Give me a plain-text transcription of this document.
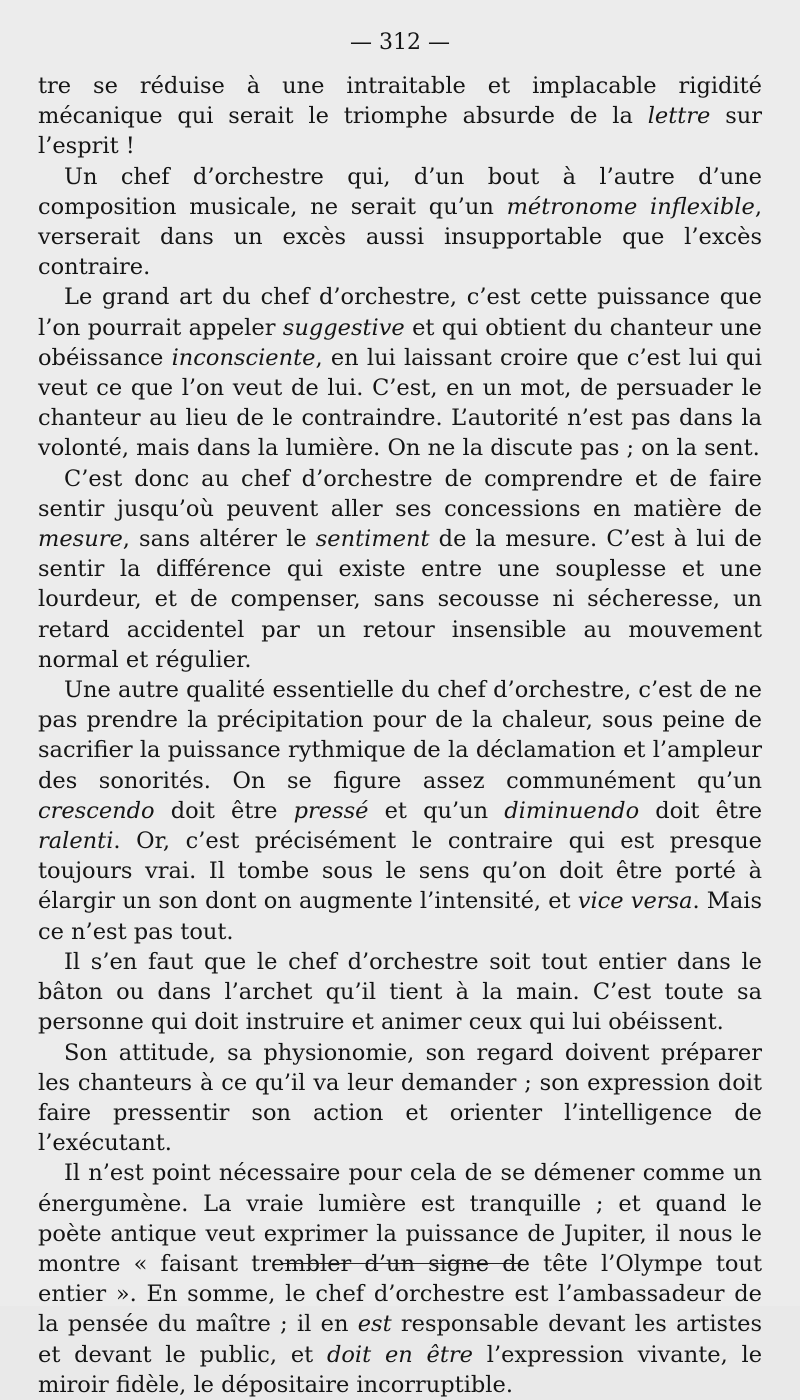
— 312 —

tre se réduise à une intraitable et implacable rigidité mécanique qui serait le triomphe absurde de la lettre sur l’esprit !

Un chef d’orchestre qui, d’un bout à l’autre d’une composition musicale, ne serait qu’un métronome inflexible, verserait dans un excès aussi insupportable que l’excès contraire.

Le grand art du chef d’orchestre, c’est cette puissance que l’on pourrait appeler suggestive et qui obtient du chanteur une obéissance inconsciente, en lui laissant croire que c’est lui qui veut ce que l’on veut de lui. C’est, en un mot, de persuader le chanteur au lieu de le contraindre. L’autorité n’est pas dans la volonté, mais dans la lumière. On ne la discute pas ; on la sent.

C’est donc au chef d’orchestre de comprendre et de faire sentir jusqu’où peuvent aller ses concessions en matière de mesure, sans altérer le sentiment de la mesure. C’est à lui de sentir la différence qui existe entre une souplesse et une lourdeur, et de compenser, sans secousse ni sécheresse, un retard accidentel par un retour insensible au mouvement normal et régulier.

Une autre qualité essentielle du chef d’orchestre, c’est de ne pas prendre la précipitation pour de la chaleur, sous peine de sacrifier la puissance rythmique de la déclamation et l’ampleur des sonorités. On se figure assez communément qu’un crescendo doit être pressé et qu’un diminuendo doit être ralenti. Or, c’est précisément le contraire qui est presque toujours vrai. Il tombe sous le sens qu’on doit être porté à élargir un son dont on augmente l’intensité, et vice versa. Mais ce n’est pas tout.

Il s’en faut que le chef d’orchestre soit tout entier dans le bâton ou dans l’archet qu’il tient à la main. C’est toute sa personne qui doit instruire et animer ceux qui lui obéissent.

Son attitude, sa physionomie, son regard doivent préparer les chanteurs à ce qu’il va leur demander ; son expression doit faire pressentir son action et orienter l’intelligence de l’exécutant.

Il n’est point nécessaire pour cela de se démener comme un énergumène. La vraie lumière est tranquille ; et quand le poète antique veut exprimer la puissance de Jupiter, il nous le montre « faisant trembler d’un signe de tête l’Olympe tout entier ». En somme, le chef d’orchestre est l’ambassadeur de la pensée du maître ; il en est responsable devant les artistes et devant le public, et doit en être l’expression vivante, le miroir fidèle, le dépositaire incorruptible.
